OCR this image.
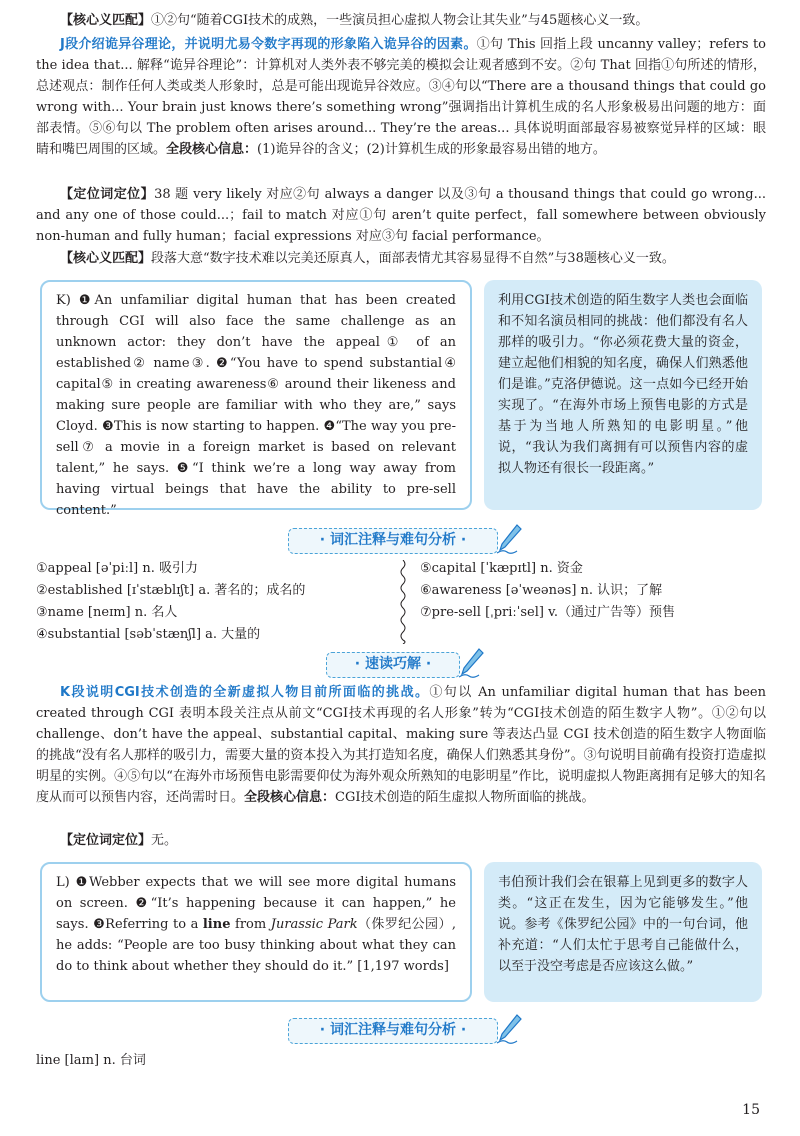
【核心义匹配】①②句“随着CGI技术的成熟，一些演员担心虚拟人物会让其失业”与45题核心义一致。
J段介绍诡异谷理论，并说明尤易令数字再现的形象陷入诡异谷的因素。①句 This 回指上段 uncanny valley；refers to the idea that... 解释“诡异谷理论”：计算机对人类外表不够完美的模拟会让观者感到不安。②句 That 回指①句所述的情形，总述观点：制作任何人类或类人形象时，总是可能出现诡异谷效应。③④句以“There are a thousand things that could go wrong with... Your brain just knows there’s something wrong”强调指出计算机生成的名人形象极易出问题的地方：面部表情。⑤⑥句以 The problem often arises around... They’re the areas... 具体说明面部最容易被察觉异样的区域：眼睛和嘴巴周围的区域。全段核心信息：(1)诡异谷的含义；(2)计算机生成的形象最容易出错的地方。
【定位词定位】38 题 very likely 对应②句 always a danger 以及③句 a thousand things that could go wrong... and any one of those could...；fail to match 对应①句 aren’t quite perfect，fall somewhere between obviously non-human and fully human；facial expressions 对应③句 facial performance。
【核心义匹配】段落大意“数字技术难以完美还原真人，面部表情尤其容易显得不自然”与38题核心义一致。
K) ❶An unfamiliar digital human that has been created through CGI will also face the same challenge as an unknown actor: they don’t have the appeal① of an established② name③. ❷“You have to spend substantial④ capital⑤ in creating awareness⑥ around their likeness and making sure people are familiar with who they are,” says Cloyd. ❸This is now starting to happen. ❹“The way you pre-sell⑦ a movie in a foreign market is based on relevant talent,” he says. ❺“I think we’re a long way away from having virtual beings that have the ability to pre-sell content.”
利用CGI技术创造的陌生数字人类也会面临和不知名演员相同的挑战：他们都没有名人那样的吸引力。“你必须花费大量的资金，建立起他们相貌的知名度，确保人们熟悉他们是谁。”克洛伊德说。这一点如今已经开始实现了。“在海外市场上预售电影的方式是基于为当地人所熟知的电影明星。”他说，“我认为我们离拥有可以预售内容的虚拟人物还有很长一段距离。”
· 词汇注释与难句分析 ·
①appeal [əˈpiːl] n. 吸引力
②established [ɪˈstæblɪʃt] a. 著名的；成名的
③name [neɪm] n. 名人
④substantial [səbˈstænʃl] a. 大量的
⑤capital [ˈkæpɪtl] n. 资金
⑥awareness [əˈweənəs] n. 认识；了解
⑦pre-sell [ˌpriːˈsel] v.（通过广告等）预售
· 速读巧解 ·
K段说明CGI技术创造的全新虚拟人物目前所面临的挑战。①句以 An unfamiliar digital human that has been created through CGI 表明本段关注点从前文“CGI技术再现的名人形象”转为“CGI技术创造的陌生数字人物”。①②句以 challenge、don’t have the appeal、substantial capital、making sure 等表达凸显 CGI 技术创造的陌生数字人物面临的挑战“没有名人那样的吸引力，需要大量的资本投入为其打造知名度，确保人们熟悉其身份”。③句说明目前确有投资打造虚拟明星的实例。④⑤句以“在海外市场预售电影需要仰仗为海外观众所熟知的电影明星”作比，说明虚拟人物距离拥有足够大的知名度从而可以预售内容，还尚需时日。全段核心信息：CGI技术创造的陌生虚拟人物所面临的挑战。
【定位词定位】无。
L) ❶Webber expects that we will see more digital humans on screen. ❷“It’s happening because it can happen,” he says. ❸Referring to a line from Jurassic Park（侏罗纪公园）, he adds: “People are too busy thinking about what they can do to think about whether they should do it.” [1,197 words]
韦伯预计我们会在银幕上见到更多的数字人类。“这正在发生，因为它能够发生。”他说。参考《侏罗纪公园》中的一句台词，他补充道：“人们太忙于思考自己能做什么，以至于没空考虑是否应该这么做。”
· 词汇注释与难句分析 ·
line [laɪn] n. 台词
15
